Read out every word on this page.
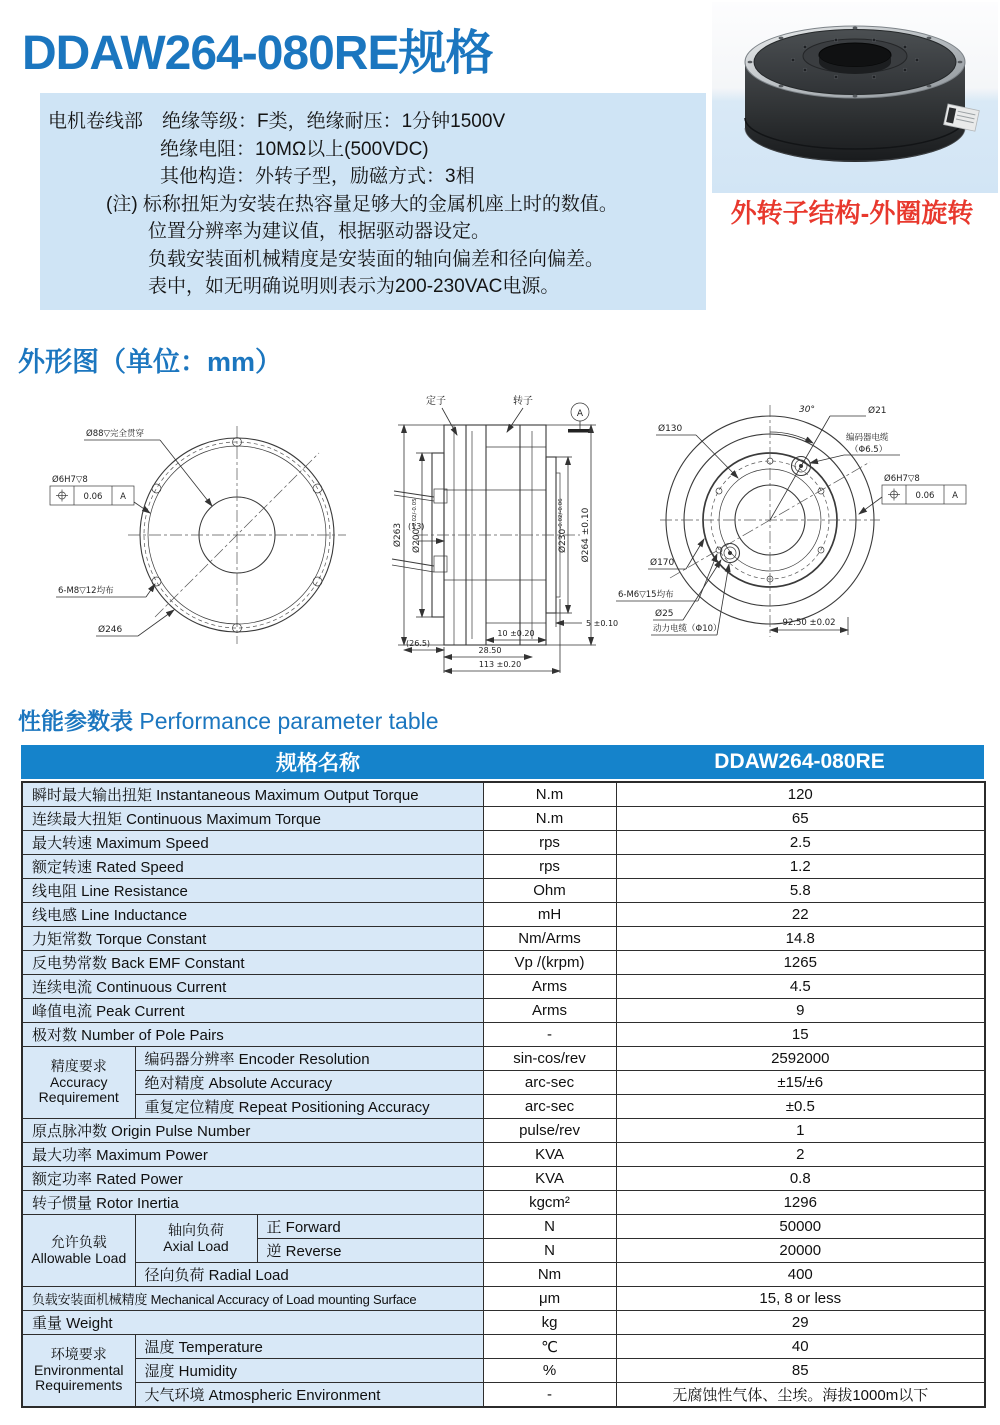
DDAW264-080RE规格
电机卷线部　绝缘等级：F类，绝缘耐压：1分钟1500V
绝缘电阻：10MΩ以上(500VDC)
其他构造：外转子型，励磁方式：3相
(注) 标称扭矩为安装在热容量足够大的金属机座上时的数值。
位置分辨率为建议值，根据驱动器设定。
负载安装面机械精度是安装面的轴向偏差和径向偏差。
表中，如无明确说明则表示为200-230VAC电源。
外转子结构-外圈旋转
外形图（单位：mm）
Ø88▽完全贯穿
Ø6H7▽8
0.06 A
6-M8▽12均布
Ø246
定子	转子
A
Ø263 $Ø200^{-0.02/-0.05}$
(13)
$Ø230^{-0.02/-0.06}$	Ø264 ±0.10
5 ±0.10
10 ±0.20
(26.5)
28.50
113 ±0.20
30°	Ø21
Ø130
编码器电缆
（Φ6.5）
Ø6H7▽8
0.06 A
Ø170
6-M6▽15均布
Ø25
动力电缆（Φ10）
92.50 ±0.02
性能参数表 Performance parameter table
规格名称	DDAW264-080RE
瞬时最大输出扭矩 Instantaneous Maximum Output Torque			N.m	120
连续最大扭矩 Continuous Maximum Torque			N.m	65
最大转速 Maximum Speed			rps	2.5
额定转速 Rated Speed			rps	1.2
线电阻 Line Resistance			Ohm	5.8
线电感 Line Inductance			mH	22
力矩常数 Torque Constant			Nm/Arms	14.8
反电势常数 Back EMF Constant			Vp /(krpm)	1265
连续电流 Continuous Current			Arms	4.5
峰值电流 Peak Current			Arms	9
极对数 Number of Pole Pairs			-	15
精度要求
Accuracy
Requirement	编码器分辨率 Encoder Resolution		sin-cos/rev	2592000
	绝对精度 Absolute Accuracy		arc-sec	±15/±6
	重复定位精度 Repeat Positioning Accuracy		arc-sec	±0.5
原点脉冲数 Origin Pulse Number			pulse/rev	1
最大功率 Maximum Power			KVA	2
额定功率 Rated Power			KVA	0.8
转子惯量 Rotor Inertia			kgcm²	1296
允许负载
Allowable Load	轴向负荷
Axial Load	正 Forward	N	50000
		逆 Reverse	N	20000
	径向负荷 Radial Load		Nm	400
负载安装面机械精度 Mechanical Accuracy of Load mounting Surface			μm	15, 8 or less
重量 Weight			kg	29
环境要求
Environmental
Requirements	温度 Temperature		℃	40
	湿度 Humidity		%	85
	大气环境 Atmospheric Environment		-	无腐蚀性气体、尘埃。海拔1000m以下
